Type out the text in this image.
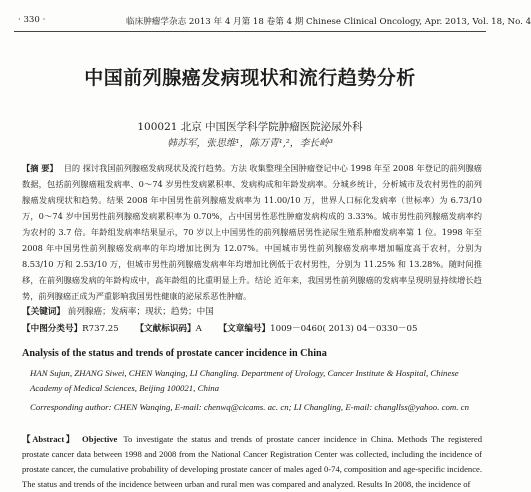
· 330 ·	临床肿瘤学杂志 2013 年 4 月第 18 卷第 4 期 Chinese Clinical Oncology, Apr. 2013, Vol. 18, No. 4
中国前列腺癌发病现状和流行趋势分析
100021 北京 中国医学科学院肿瘤医院泌尿外科
韩苏军，张思维¹，陈万青¹,²，李长岭³
【摘 要】 目的 探讨我国前列腺癌发病现状及流行趋势。方法 收集整理全国肿瘤登记中心 1998 年至 2008 年登记的前列腺癌数据，包括前列腺癌粗发病率、0～74 岁男性发病累积率、发病构成和年龄发病率。分城乡统计，分析城市及农村男性的前列腺癌发病现状和趋势。结果 2008 年中国男性前列腺癌发病率为 11.00/10 万，世界人口标化发病率（世标率）为 6.73/10 万，0～74 岁中国男性前列腺癌发病累积率为 0.70%，占中国男性恶性肿瘤发病构成的 3.33%。城市男性前列腺癌发病率约为农村的 3.7 倍。年龄组发病率结果显示，70 岁以上中国男性的前列腺癌居男性泌尿生殖系肿瘤发病率第 1 位。1998 年至 2008 年中国男性前列腺癌发病率的年均增加比例为 12.07%。中国城市男性前列腺癌发病率增加幅度高于农村，分别为 8.53/10 万和 2.53/10 万，但城市男性前列腺癌发病率年均增加比例低于农村男性，分别为 11.25% 和 13.28%。随时间推移，在前列腺癌发病的年龄构成中，高年龄组的比重明显上升。结论 近年来，我国男性前列腺癌的发病率呈现明显持续增长趋势，前列腺癌正成为严重影响我国男性健康的泌尿系恶性肿瘤。
【关键词】 前列腺癌；发病率；现状；趋势；中国
【中图分类号】R737.25 【文献标识码】A 【文章编号】1009－0460( 2013) 04－0330－05
Analysis of the status and trends of prostate cancer incidence in China
HAN Sujun, ZHANG Siwei, CHEN Wanqing, LI Changling. Department of Urology, Cancer Institute & Hospital, Chinese Academy of Medical Sciences, Beijing 100021, China
Corresponding author: CHEN Wanqing, E-mail: chenwq@cicams. ac. cn; LI Changling, E-mail: changllss@yahoo. com. cn
【Abstract】 Objective To investigate the status and trends of prostate cancer incidence in China. Methods The registered prostate cancer data between 1998 and 2008 from the National Cancer Registration Center was collected, including the incidence of prostate cancer, the cumulative probability of developing prostate cancer of males aged 0-74, composition and age-specific incidence. The status and trends of the incidence between urban and rural men was compared and analyzed. Results In 2008, the incidence of
